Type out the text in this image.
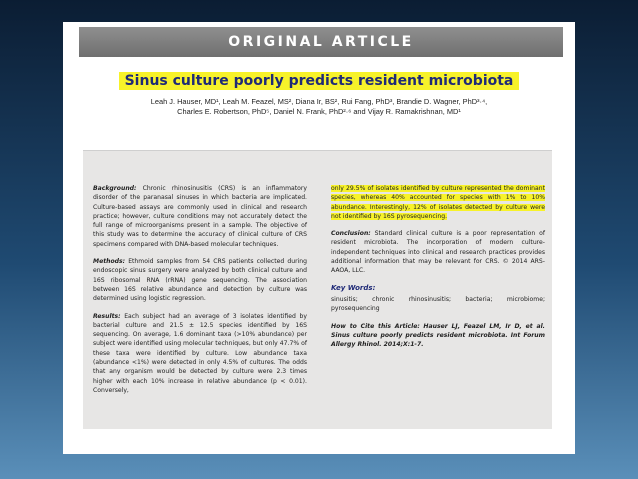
ORIGINAL ARTICLE
Sinus culture poorly predicts resident microbiota
Leah J. Hauser, MD¹, Leah M. Feazel, MS², Diana Ir, BS², Rui Fang, PhD³, Brandie D. Wagner, PhD³·⁴,
Charles E. Robertson, PhD⁵, Daniel N. Frank, PhD²·⁶ and Vijay R. Ramakrishnan, MD¹

Background: Chronic rhinosinusitis (CRS) is an inflammatory disorder of the paranasal sinuses in which bacteria are implicated. Culture-based assays are commonly used in clinical and research practice; however, culture conditions may not accurately detect the full range of microorganisms present in a sample. The objective of this study was to determine the accuracy of clinical culture of CRS specimens compared with DNA-based molecular techniques.

Methods: Ethmoid samples from 54 CRS patients collected during endoscopic sinus surgery were analyzed by both clinical culture and 16S ribosomal RNA (rRNA) gene sequencing. The association between 16S relative abundance and detection by culture was determined using logistic regression.

Results: Each subject had an average of 3 isolates identified by bacterial culture and 21.5 ± 12.5 species identified by 16S sequencing. On average, 1.6 dominant taxa (>10% abundance) per subject were identified using molecular techniques, but only 47.7% of these taxa were identified by culture. Low abundance taxa (abundance <1%) were detected in only 4.5% of cultures. The odds that any organism would be detected by culture were 2.3 times higher with each 10% increase in relative abundance (p < 0.01). Conversely,

only 29.5% of isolates identified by culture represented the dominant species, whereas 40% accounted for species with 1% to 10% abundance. Interestingly, 12% of isolates detected by culture were not identified by 16S pyrosequencing.

Conclusion: Standard clinical culture is a poor representation of resident microbiota. The incorporation of modern culture-independent techniques into clinical and research practices provides additional information that may be relevant for CRS. © 2014 ARS-AAOA, LLC.

Key Words:

sinusitis; chronic rhinosinusitis; bacteria; microbiome; pyrosequencing

How to Cite this Article: Hauser LJ, Feazel LM, Ir D, et al. Sinus culture poorly predicts resident microbiota. Int Forum Allergy Rhinol. 2014;X:1-7.
